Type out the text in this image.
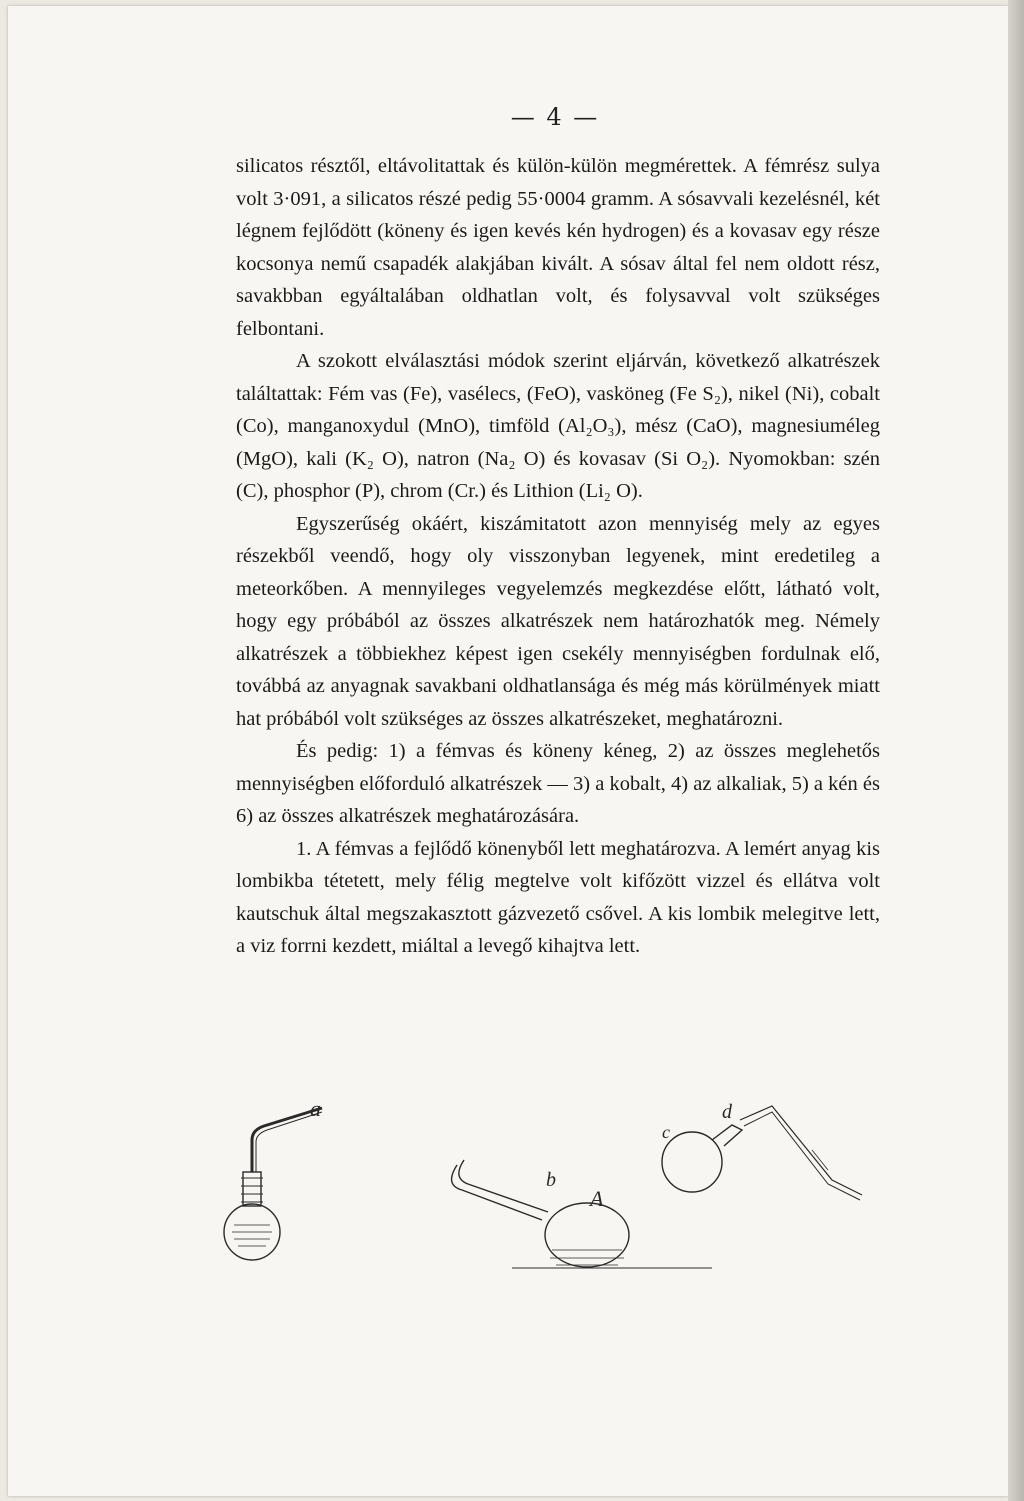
— 4 —

silicatos résztől, eltávolitattak és külön-külön megmérettek. A fémrész sulya volt 3·091, a silicatos részé pedig 55·0004 gramm. A sósavvali kezelésnél, két légnem fejlődött (köneny és igen kevés kén hydrogen) és a kovasav egy része kocsonya nemű csapadék alakjában kivált. A sósav által fel nem oldott rész, savakbban egyáltalában oldhatlan volt, és folysavval volt szükséges felbontani.

A szokott elválasztási módok szerint eljárván, következő alkatrészek találtattak: Fém vas (Fe), vasélecs, (FeO), vasköneg (Fe S₂), nikel (Ni), cobalt (Co), manganoxydul (MnO), timföld (Al₂O₃), mész (CaO), magnesiuméleg (MgO), kali (K₂ O), natron (Na₂ O) és kovasav (Si O₂). Nyomokban: szén (C), phosphor (P), chrom (Cr.) és Lithion (Li₂ O).

Egyszerűség okáért, kiszámitatott azon mennyiség mely az egyes részekből veendő, hogy oly visszonyban legyenek, mint eredetileg a meteorkőben. A mennyileges vegyelemzés megkezdése előtt, látható volt, hogy egy próbából az összes alkatrészek nem határozhatók meg. Némely alkatrészek a többiekhez képest igen csekély mennyiségben fordulnak elő, továbbá az anyagnak savakbani oldhatlansága és még más körülmények miatt hat próbából volt szükséges az összes alkatrészeket, meghatározni.

És pedig: 1) a fémvas és köneny kéneg, 2) az összes meglehetős mennyiségben előforduló alkatrészek — 3) a kobalt, 4) az alkaliak, 5) a kén és 6) az összes alkatrészek meghatározására.

1. A fémvas a fejlődő könenyből lett meghatározva. A lemért anyag kis lombikba tétetett, mely félig megtelve volt kifőzött vizzel és ellátva volt kautschuk által megszakasztott gázvezető csővel. A kis lombik melegitve lett, a viz forrni kezdett, miáltal a levegő kihajtva lett.

a
b
A
c
d
